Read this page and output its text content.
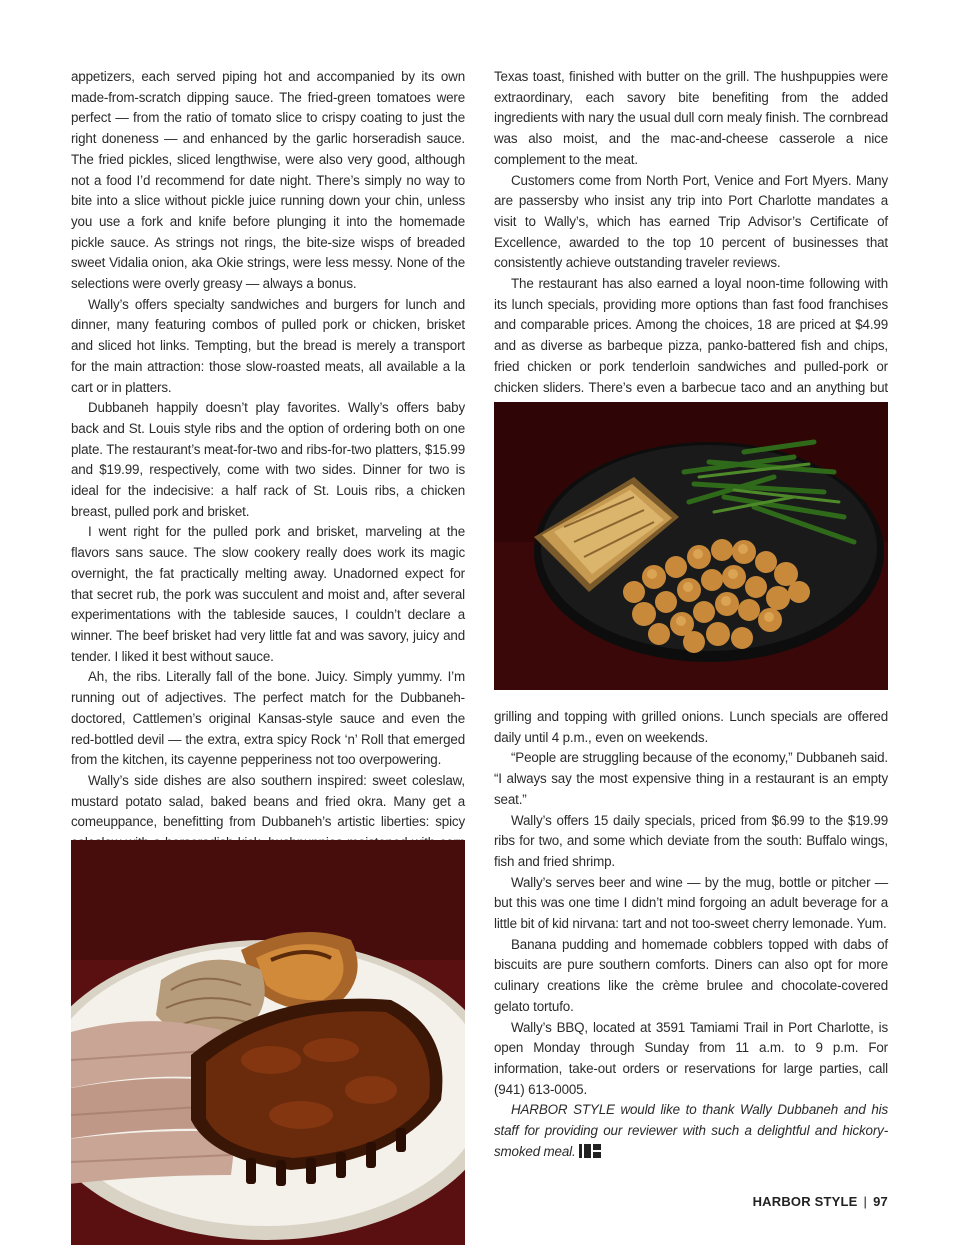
appetizers, each served piping hot and accompanied by its own made-from-scratch dipping sauce. The fried-green tomatoes were perfect — from the ratio of tomato slice to crispy coating to just the right doneness — and enhanced by the garlic horseradish sauce. The fried pickles, sliced lengthwise, were also very good, although not a food I’d recommend for date night. There’s simply no way to bite into a slice without pickle juice running down your chin, unless you use a fork and knife before plunging it into the homemade pickle sauce. As strings not rings, the bite-size wisps of breaded sweet Vidalia onion, aka Okie strings, were less messy. None of the selections were overly greasy — always a bonus.

Wally’s offers specialty sandwiches and burgers for lunch and dinner, many featuring combos of pulled pork or chicken, brisket and sliced hot links. Tempting, but the bread is merely a transport for the main attraction: those slow-roasted meats, all available a la cart or in platters.

Dubbaneh happily doesn’t play favorites. Wally’s offers baby back and St. Louis style ribs and the option of ordering both on one plate. The restaurant’s meat-for-two and ribs-for-two platters, $15.99 and $19.99, respectively, come with two sides. Dinner for two is ideal for the indecisive: a half rack of St. Louis ribs, a chicken breast, pulled pork and brisket.

I went right for the pulled pork and brisket, marveling at the flavors sans sauce. The slow cookery really does work its magic overnight, the fat practically melting away. Unadorned expect for that secret rub, the pork was succulent and moist and, after several experimentations with the tableside sauces, I couldn’t declare a winner. The beef brisket had very little fat and was savory, juicy and tender. I liked it best without sauce.

Ah, the ribs. Literally fall of the bone. Juicy. Simply yummy. I’m running out of adjectives. The perfect match for the Dubbaneh-doctored, Cattlemen’s original Kansas-style sauce and even the red-bottled devil — the extra, extra spicy Rock ‘n’ Roll that emerged from the kitchen, its cayenne pepperiness not too overpowering.

Wally’s side dishes are also southern inspired: sweet coleslaw, mustard potato salad, baked beans and fried okra. Many get a comeuppance, benefitting from Dubbaneh’s artistic liberties: spicy

Texas toast, finished with butter on the grill. The hushpuppies were extraordinary, each savory bite benefiting from the added ingredients with nary the usual dull corn mealy finish. The cornbread was also moist, and the mac-and-cheese casserole a nice complement to the meat.

Customers come from North Port, Venice and Fort Myers. Many are passersby who insist any trip into Port Charlotte mandates a visit to Wally’s, which has earned Trip Advisor’s Certificate of Excellence, awarded to the top 10 percent of businesses that consistently achieve outstanding traveler reviews.

The restaurant has also earned a loyal noon-time following with its lunch specials, providing more options than fast food franchises and comparable prices. Among the choices, 18 are priced at $4.99 and as diverse as barbeque pizza, panko-battered fish and chips, fried chicken or pork tenderloin sandwiches and pulled-pork or chicken sliders. There’s even a barbecue taco and an anything but

grilling and topping with grilled onions. Lunch specials are offered daily until 4 p.m., even on weekends.

“People are struggling because of the economy,” Dubbaneh said. “I always say the most expensive thing in a restaurant is an empty seat.”

Wally’s offers 15 daily specials, priced from $6.99 to the $19.99 ribs for two, and some which deviate from the south: Buffalo wings, fish and fried shrimp.

Wally’s serves beer and wine — by the mug, bottle or pitcher — but this was one time I didn’t mind forgoing an adult beverage for a little bit of kid nirvana: tart and not too-sweet cherry lemonade. Yum.

Banana pudding and homemade cobblers topped with dabs of biscuits are pure southern comforts. Diners can also opt for more culinary creations like the crème brulee and chocolate-covered gelato tortufo.

Wally’s BBQ, located at 3591 Tamiami Trail in Port Charlotte, is open Monday through Sunday from 11 a.m. to 9 p.m. For information, take-out orders or reservations for large parties, call (941) 613-0005.

HARBOR STYLE would like to thank Wally Dubbaneh and his staff for providing our reviewer with such a delightful and hickory-smoked meal.

HARBOR STYLE | 97
